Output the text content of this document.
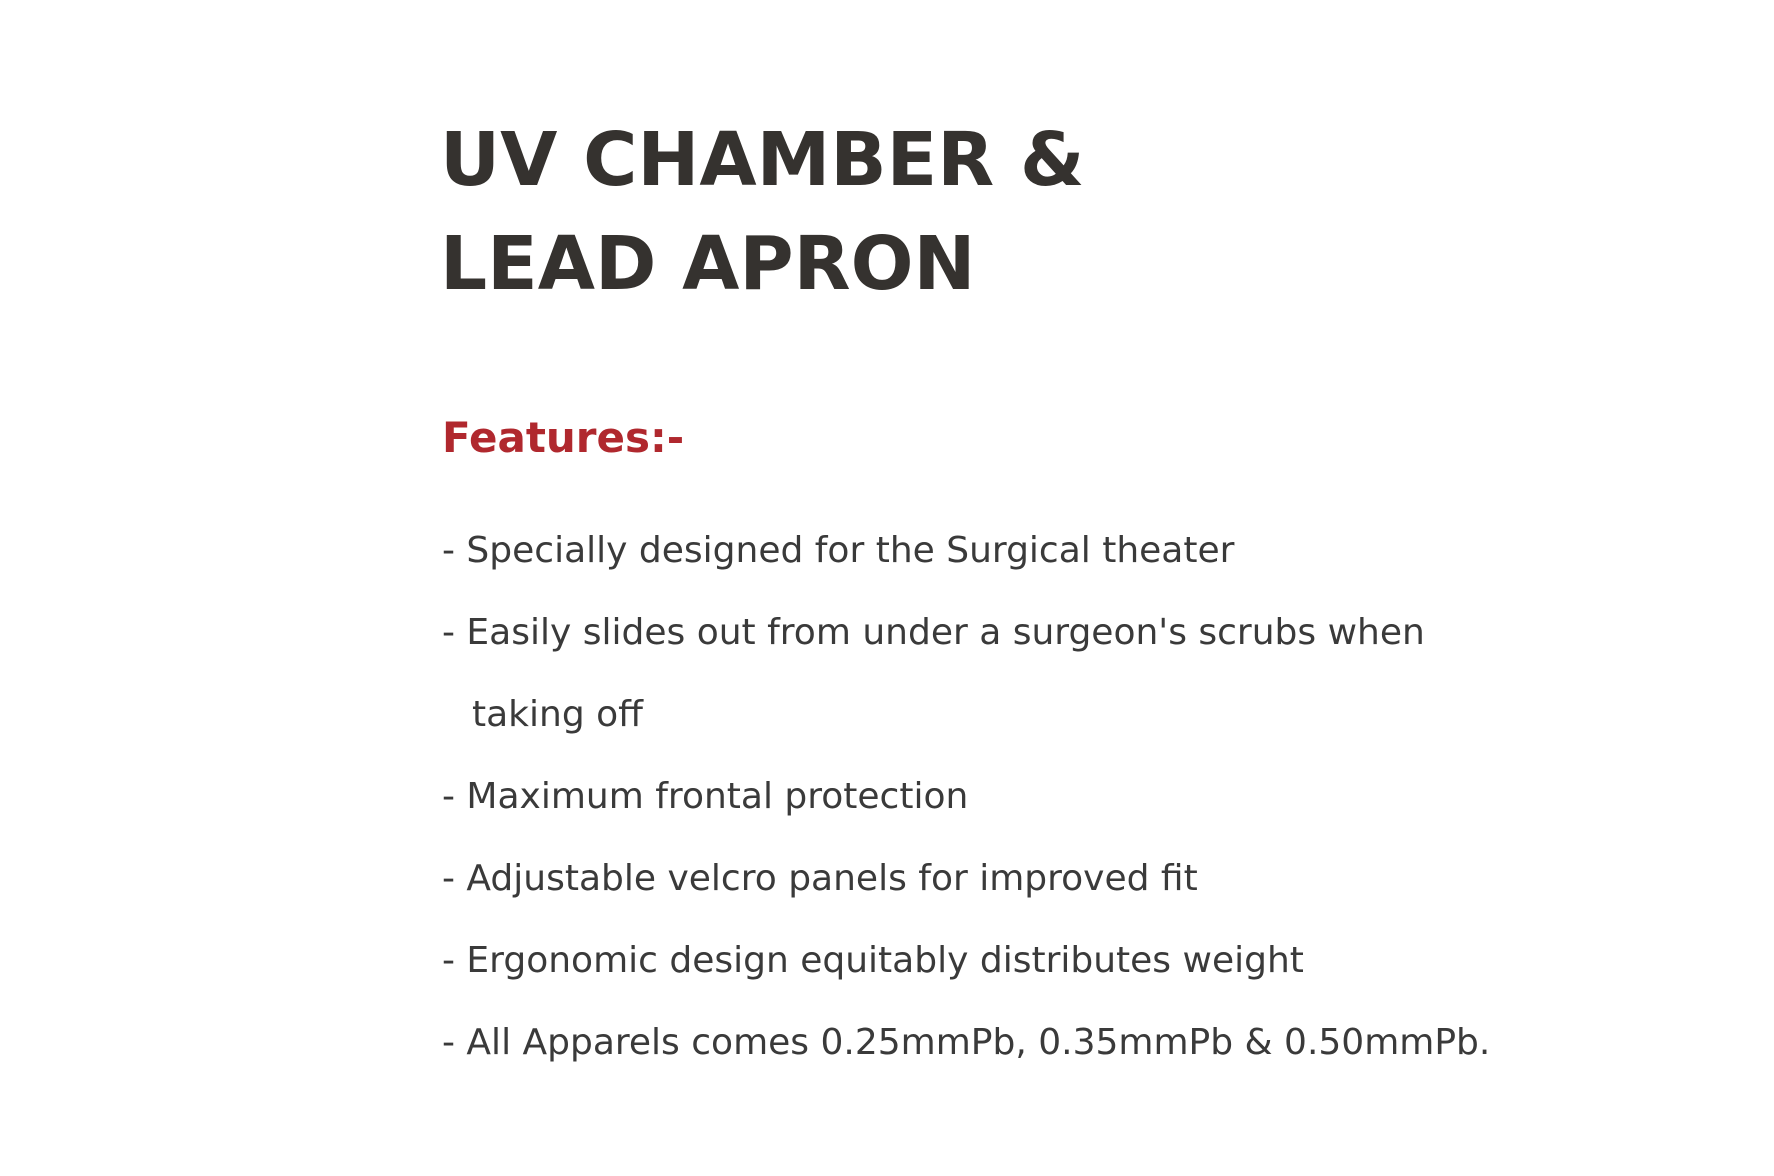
UV CHAMBER &
LEAD APRON
Features:-
- Specially designed for the Surgical theater
- Easily slides out from under a surgeon's scrubs when
taking off
- Maximum frontal protection
- Adjustable velcro panels for improved fit
- Ergonomic design equitably distributes weight
- All Apparels comes 0.25mmPb, 0.35mmPb & 0.50mmPb.
